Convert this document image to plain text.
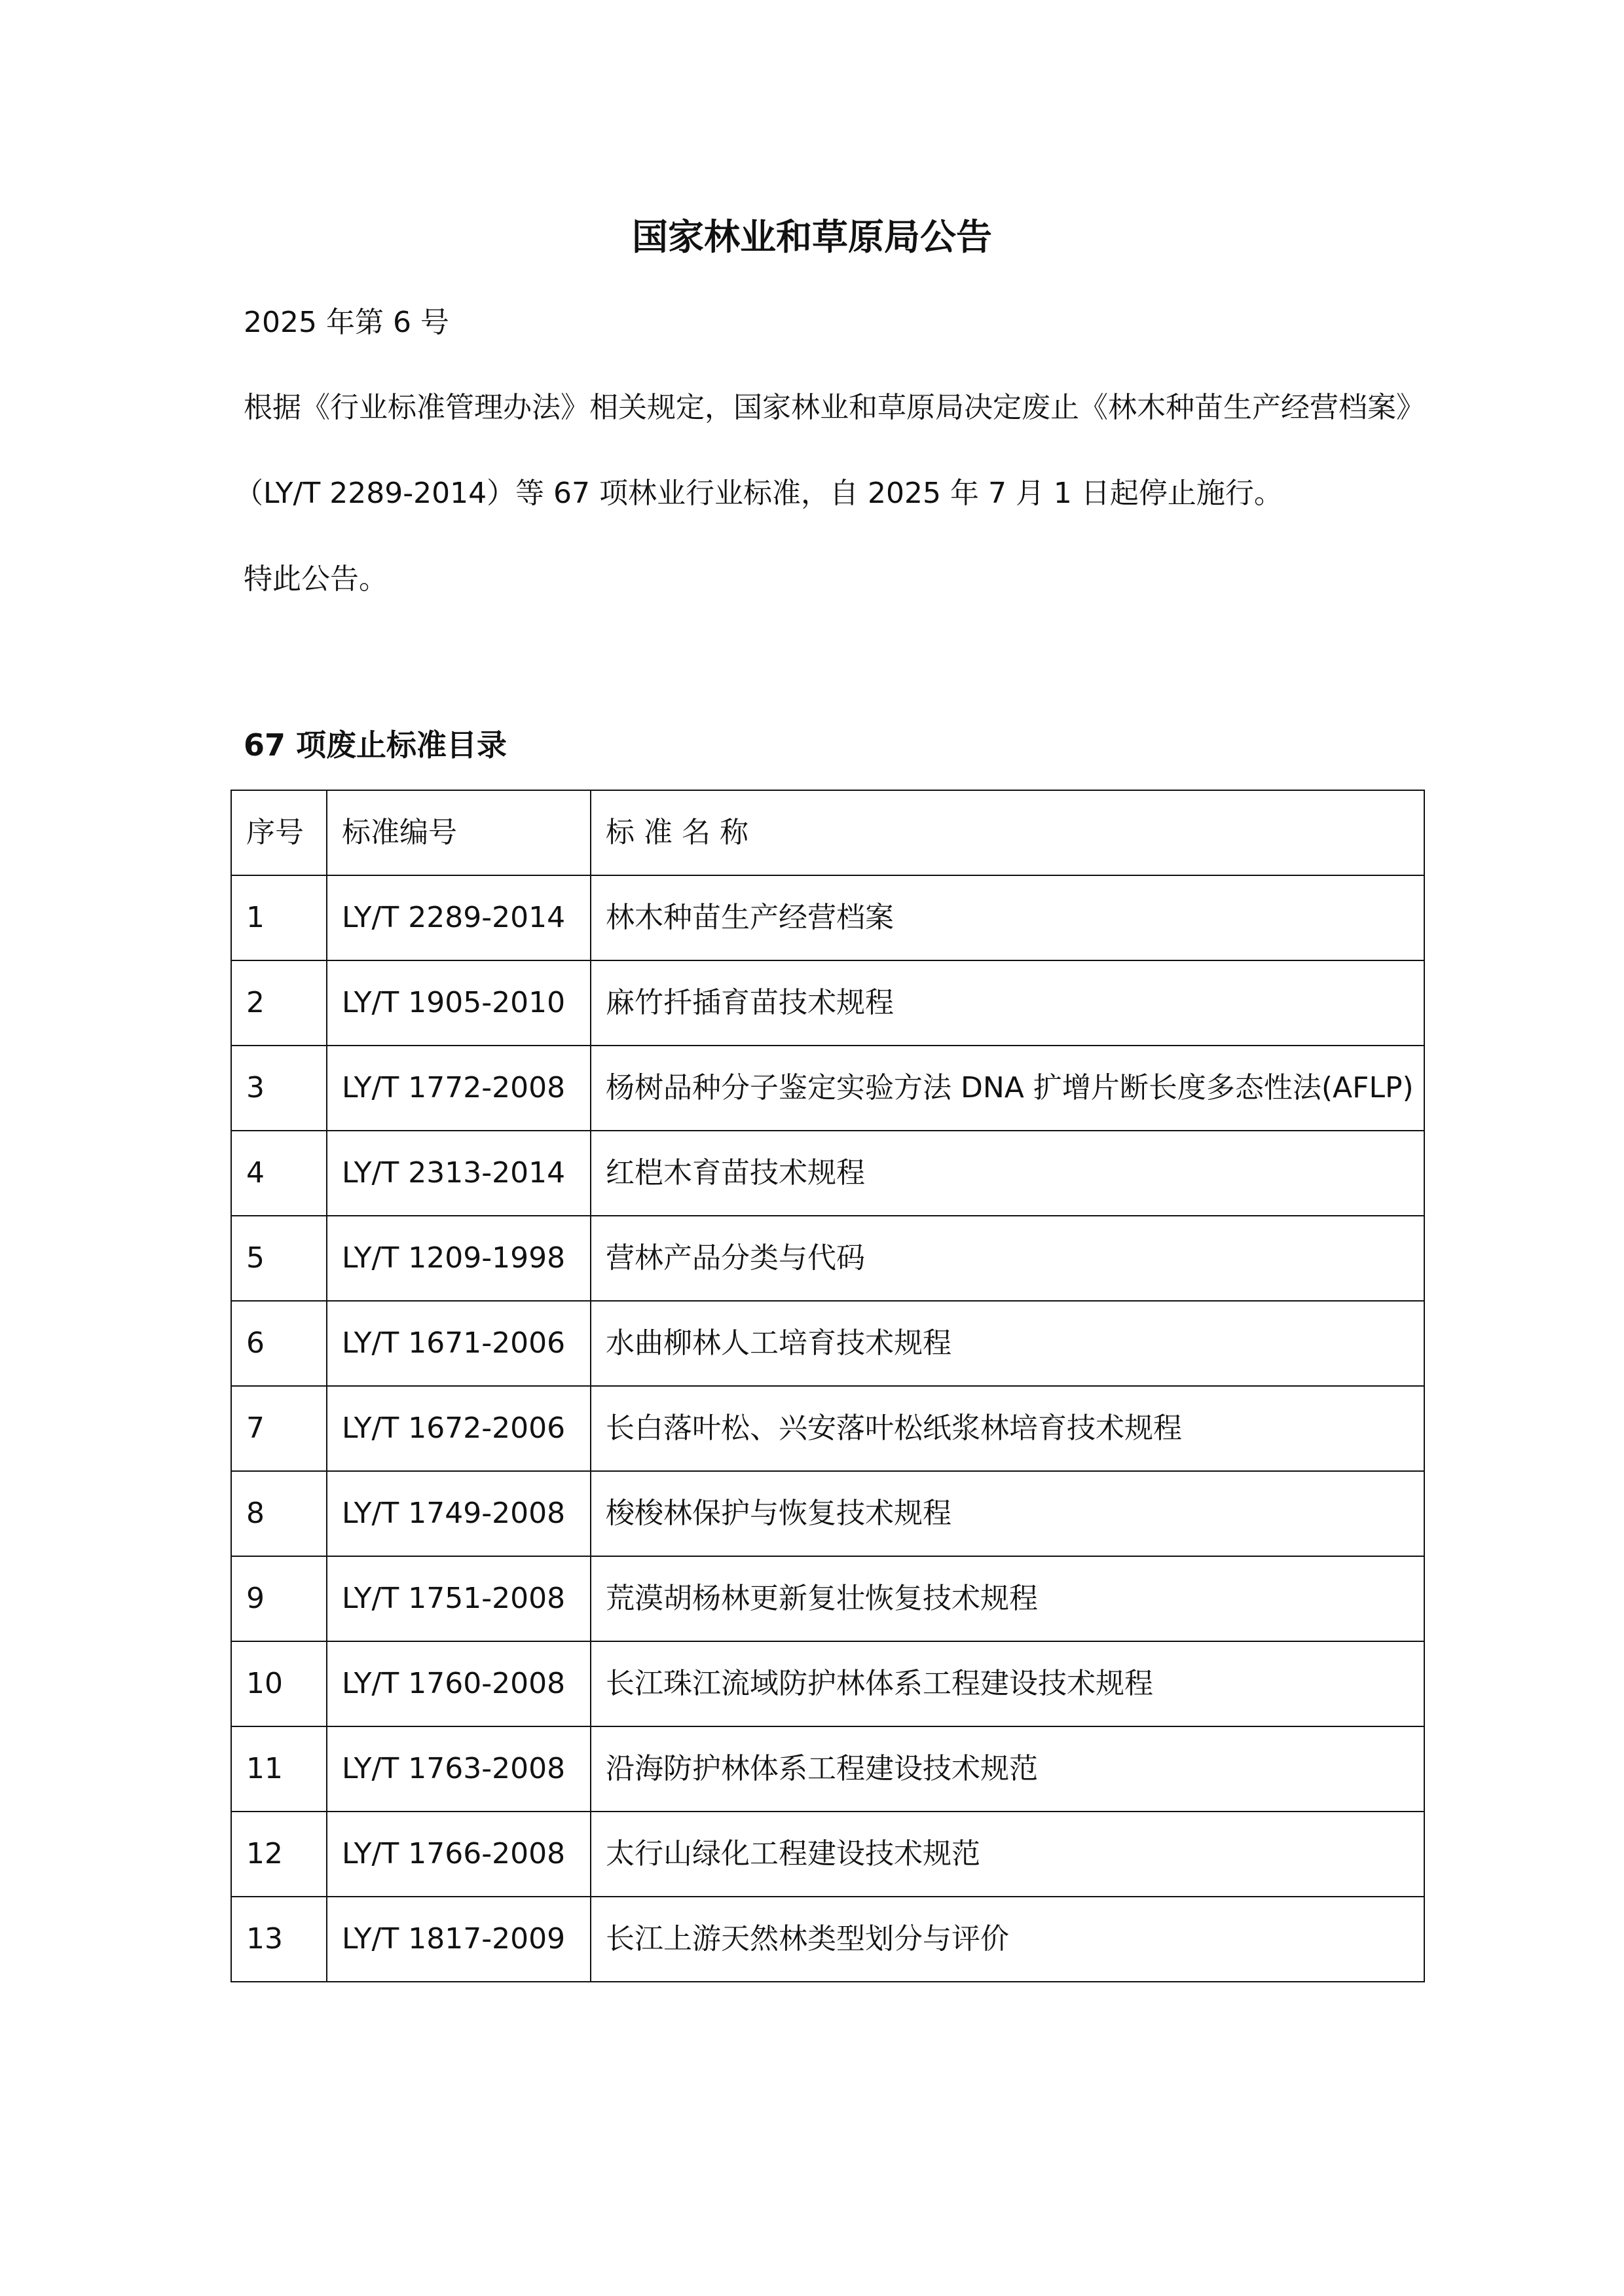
国家林业和草原局公告
2025 年第 6 号
根据《行业标准管理办法》相关规定，国家林业和草原局决定废止《林木种苗生产经营档案》
（LY/T 2289-2014）等 67 项林业行业标准，自 2025 年 7 月 1 日起停止施行。
特此公告。
67 项废止标准目录
序号	标准编号	标 准 名 称
1	LY/T 2289-2014	林木种苗生产经营档案
2	LY/T 1905-2010	麻竹扦插育苗技术规程
3	LY/T 1772-2008	杨树品种分子鉴定实验方法 DNA 扩增片断长度多态性法(AFLP)
4	LY/T 2313-2014	红桤木育苗技术规程
5	LY/T 1209-1998	营林产品分类与代码
6	LY/T 1671-2006	水曲柳林人工培育技术规程
7	LY/T 1672-2006	长白落叶松、兴安落叶松纸浆林培育技术规程
8	LY/T 1749-2008	梭梭林保护与恢复技术规程
9	LY/T 1751-2008	荒漠胡杨林更新复壮恢复技术规程
10	LY/T 1760-2008	长江珠江流域防护林体系工程建设技术规程
11	LY/T 1763-2008	沿海防护林体系工程建设技术规范
12	LY/T 1766-2008	太行山绿化工程建设技术规范
13	LY/T 1817-2009	长江上游天然林类型划分与评价
